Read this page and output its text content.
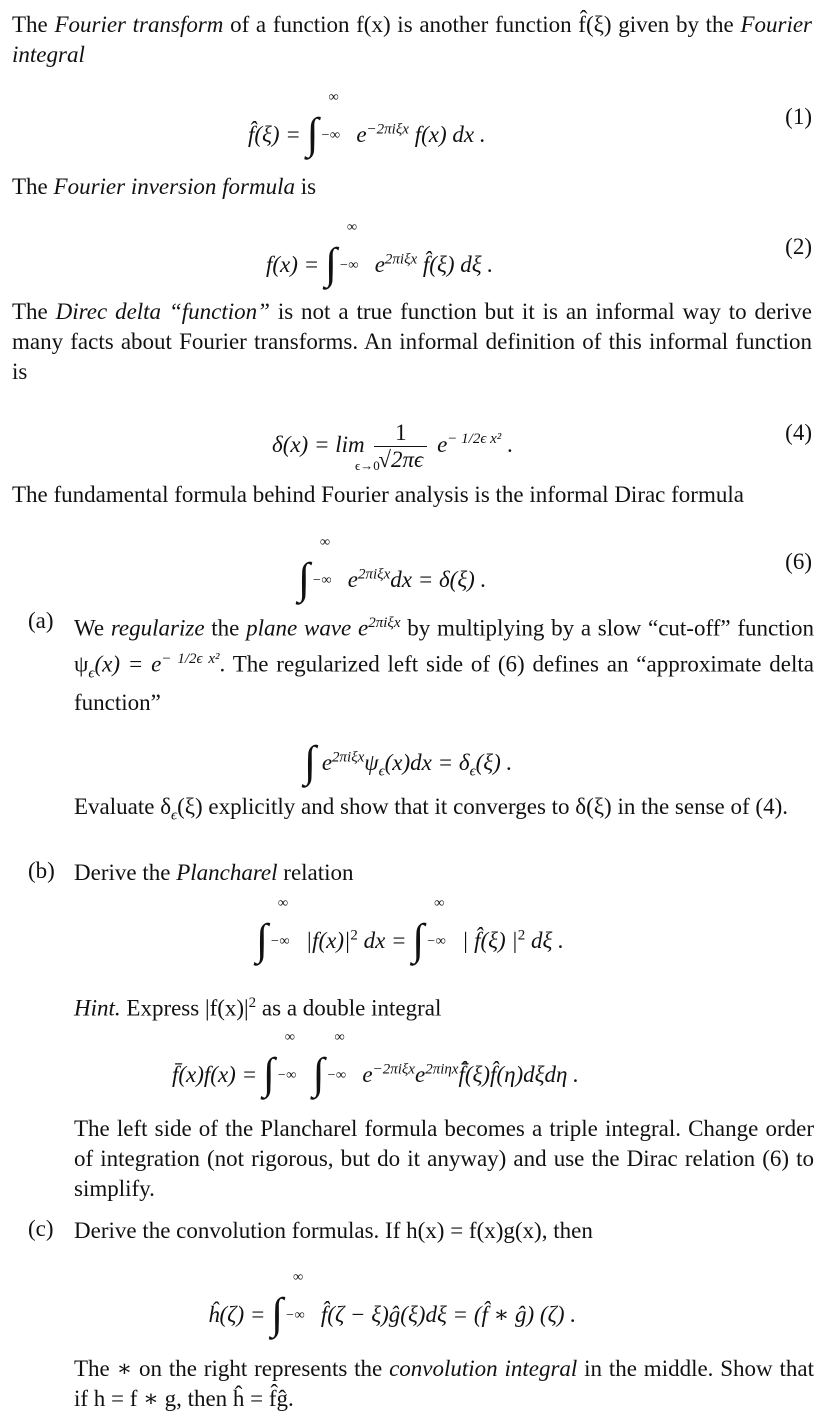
The Fourier transform of a function f(x) is another function f̂(ξ) given by the Fourier integral
f̂(ξ) = ∫
∞
−∞ $e^{-2\pi i\xi x}$ f(x) dx .
(1)
The Fourier inversion formula is
f(x) = ∫
∞
−∞ $e^{2\pi i\xi x}$ f̂(ξ) dξ .
(2)
The Direc delta “function” is not a true function but it is an informal way to derive many facts about Fourier transforms. An informal definition of this informal function is
$\delta(x) = \lim \frac{1}{√2\pi\epsilon} e^{- 1/2\epsilon x^2}$ .
ϵ→0
(4)
The fundamental formula behind Fourier analysis is the informal Dirac formula
∫
∞
−∞ $e^{2\pi i\xi x}dx = \delta(\xi)$ .
(6)
(a) We regularize the plane wave $e^{2\pi i\xi x}$ by multiplying by a slow “cut-off” function $\psi_\epsilon(x) = e^{- 1/2\epsilon x^2}$. The regularized left side of (6) defines an “approximate delta function”
∫ $e^{2\pi i\xi x}\psi_\epsilon(x)dx = \delta_\epsilon(\xi)$ .
Evaluate $\delta_\epsilon(\xi)$ explicitly and show that it converges to δ(ξ) in the sense of (4).
(b) Derive the Plancharel relation
∫
∞
−∞ $|f(x)|^2$ dx = ∫
∞
−∞ | f̂(ξ) $|^2$ dξ .
Hint. Express $|f(x)|^2$ as a double integral
f̄(x)f(x) = ∫
∞
−∞ ∫
∞
−∞ $e^{-2\pi i\xi x}e^{2\pi i\eta x}f̄̂(\xi)f̂(\eta)d\xi d\eta$ .
The left side of the Plancharel formula becomes a triple integral. Change order of integration (not rigorous, but do it anyway) and use the Dirac relation (6) to simplify.
(c) Derive the convolution formulas. If h(x) = f(x)g(x), then
ĥ(ζ) = ∫
∞
−∞ f̂(ζ − ξ)ĝ(ξ)dξ = (f̂ ∗ ĝ) (ζ) .
The ∗ on the right represents the convolution integral in the middle. Show that if h = f ∗ g, then ĥ = f̂ĝ.
